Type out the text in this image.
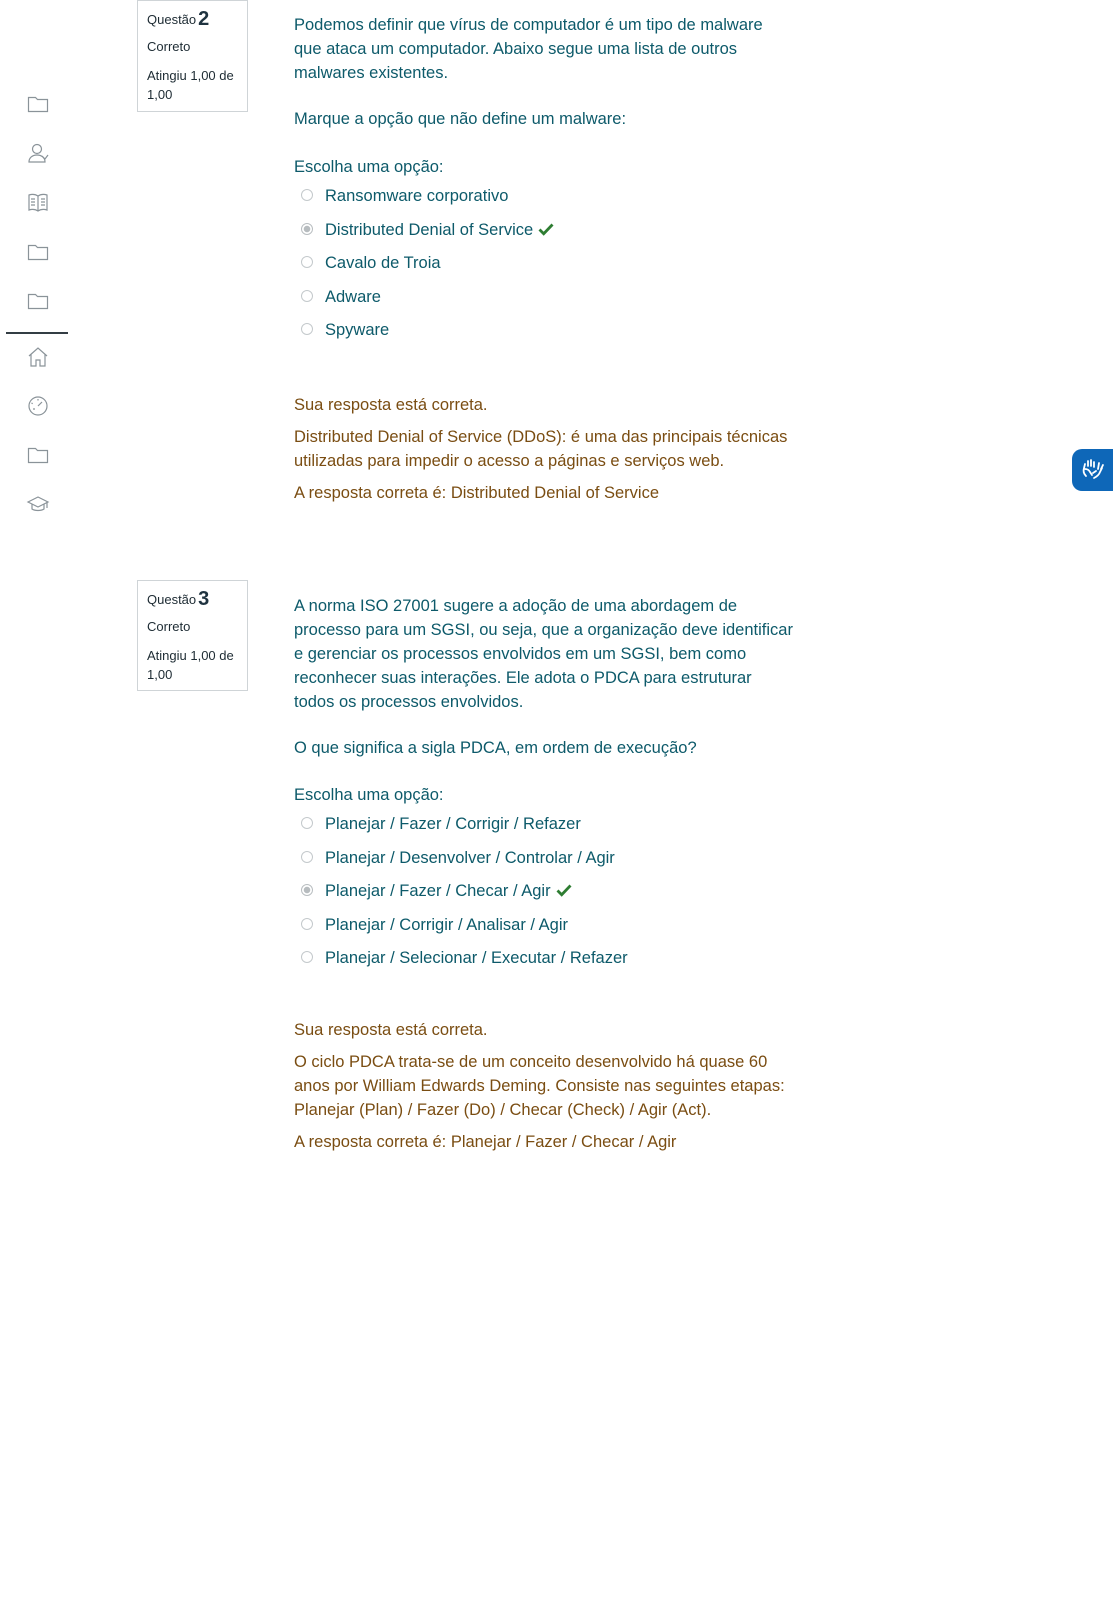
Questão 2
Correto
Atingiu 1,00 de 1,00

Podemos definir que vírus de computador é um tipo de malware que ataca um computador. Abaixo segue uma lista de outros malwares existentes.

Marque a opção que não define um malware:

Escolha uma opção:
Ransomware corporativo
Distributed Denial of Service
Cavalo de Troia
Adware
Spyware

Sua resposta está correta.

Distributed Denial of Service (DDoS): é uma das principais técnicas utilizadas para impedir o acesso a páginas e serviços web.

A resposta correta é: Distributed Denial of Service

Questão 3
Correto
Atingiu 1,00 de 1,00

A norma ISO 27001 sugere a adoção de uma abordagem de processo para um SGSI, ou seja, que a organização deve identificar e gerenciar os processos envolvidos em um SGSI, bem como reconhecer suas interações. Ele adota o PDCA para estruturar todos os processos envolvidos.

O que significa a sigla PDCA, em ordem de execução?

Escolha uma opção:
Planejar / Fazer / Corrigir / Refazer
Planejar / Desenvolver / Controlar / Agir
Planejar / Fazer / Checar / Agir
Planejar / Corrigir / Analisar / Agir
Planejar / Selecionar / Executar / Refazer

Sua resposta está correta.

O ciclo PDCA trata-se de um conceito desenvolvido há quase 60 anos por William Edwards Deming. Consiste nas seguintes etapas: Planejar (Plan) / Fazer (Do) / Checar (Check) / Agir (Act).

A resposta correta é: Planejar / Fazer / Checar / Agir
